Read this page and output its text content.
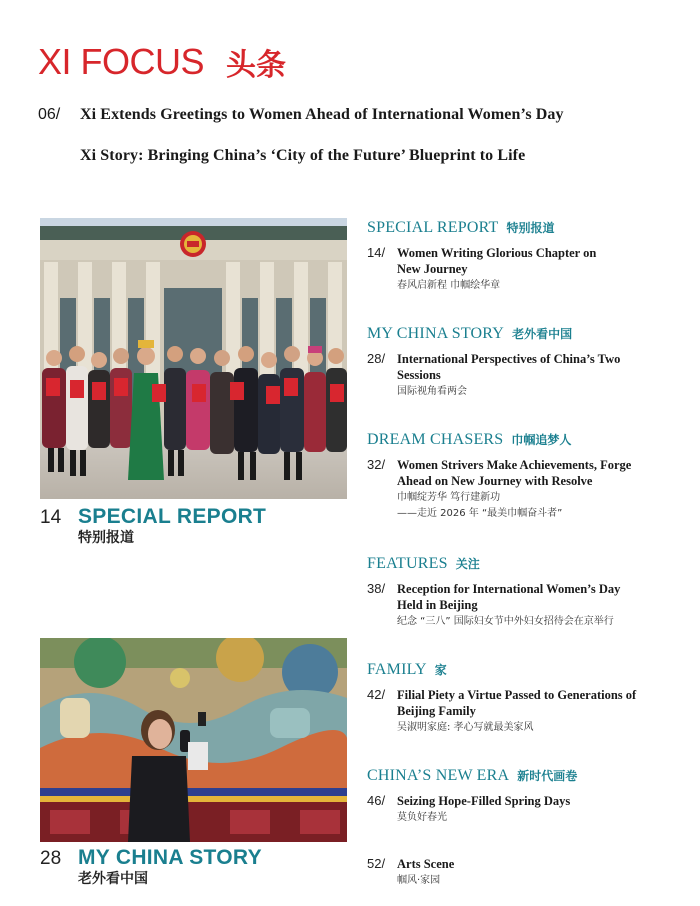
XI FOCUS 头条
06/ Xi Extends Greetings to Women Ahead of International Women’s Day
Xi Story: Bringing China’s ‘City of the Future’ Blueprint to Life
14 SPECIAL REPORT
特别报道
28 MY CHINA STORY
老外看中国
SPECIAL REPORT 特别报道
14/ Women Writing Glorious Chapter on New Journey
春风启新程 巾帼绘华章
MY CHINA STORY 老外看中国
28/ International Perspectives of China’s Two Sessions
国际视角看两会
DREAM CHASERS 巾帼追梦人
32/ Women Strivers Make Achievements, Forge Ahead on New Journey with Resolve
巾帼绽芳华 笃行建新功
——走近 2026 年 “最美巾帼奋斗者”
FEATURES 关注
38/ Reception for International Women’s Day Held in Beijing
纪念 “三八” 国际妇女节中外妇女招待会在京举行
FAMILY 家
42/ Filial Piety a Virtue Passed to Generations of Beijing Family
吴淑明家庭: 孝心写就最美家风
CHINA’S NEW ERA 新时代画卷
46/ Seizing Hope-Filled Spring Days
莫负好春光
52/ Arts Scene
帼风·家园
